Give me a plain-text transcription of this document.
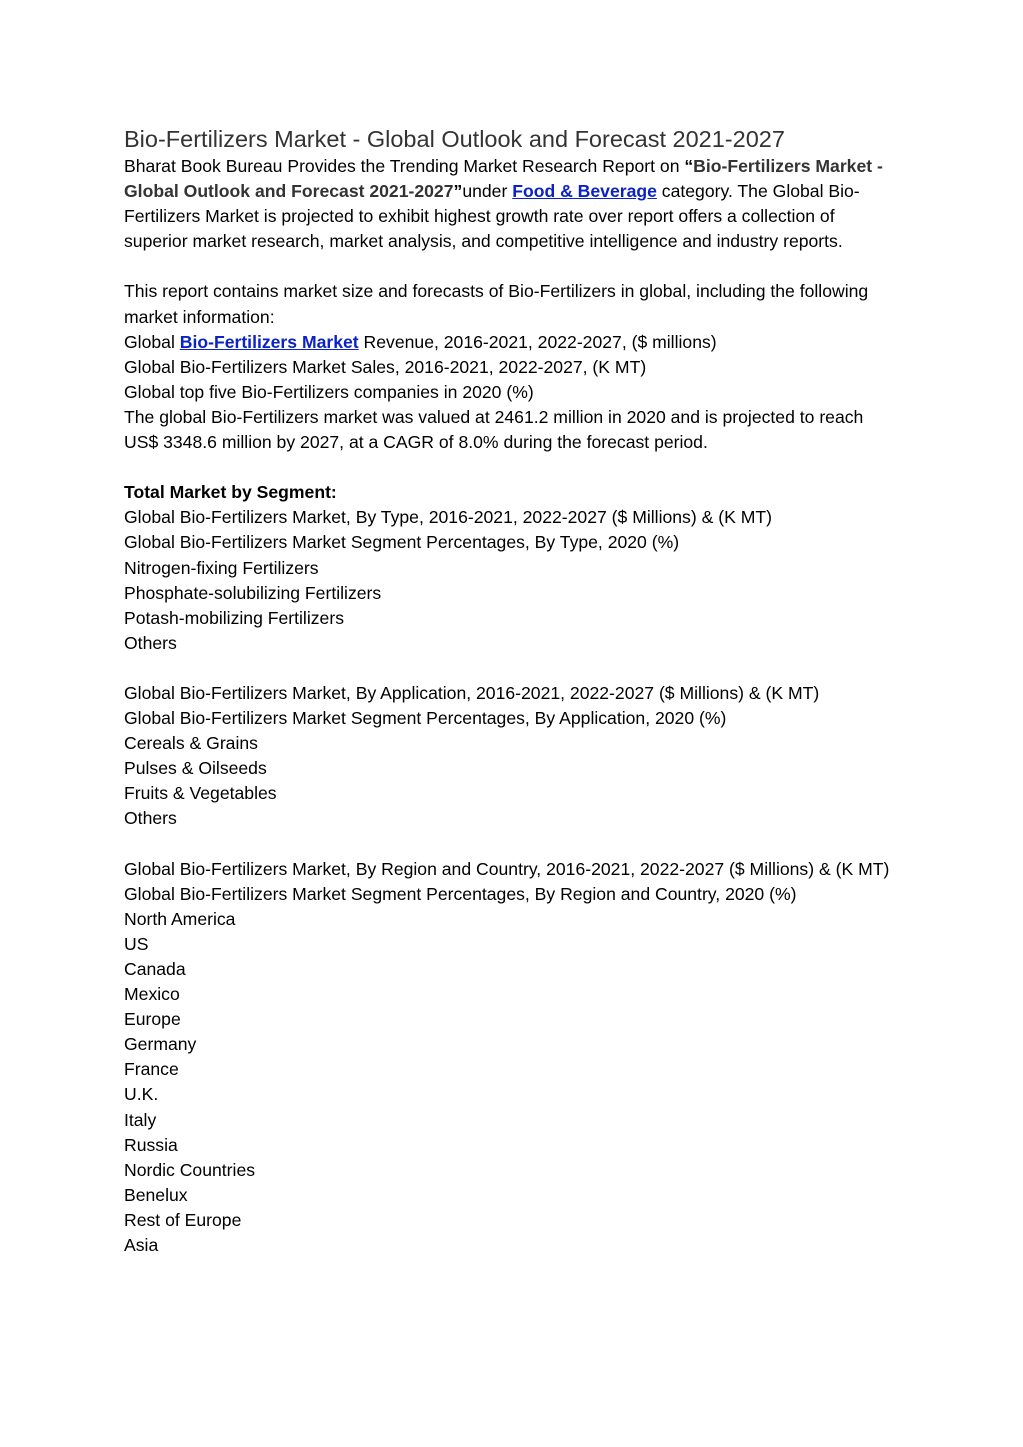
Bio-Fertilizers Market - Global Outlook and Forecast 2021-2027

Bharat Book Bureau Provides the Trending Market Research Report on “Bio-Fertilizers Market - Global Outlook and Forecast 2021-2027”under Food & Beverage category. The Global Bio-Fertilizers Market is projected to exhibit highest growth rate over report offers a collection of superior market research, market analysis, and competitive intelligence and industry reports.

This report contains market size and forecasts of Bio-Fertilizers in global, including the following market information:
Global Bio-Fertilizers Market Revenue, 2016-2021, 2022-2027, ($ millions)
Global Bio-Fertilizers Market Sales, 2016-2021, 2022-2027, (K MT)
Global top five Bio-Fertilizers companies in 2020 (%)
The global Bio-Fertilizers market was valued at 2461.2 million in 2020 and is projected to reach US$ 3348.6 million by 2027, at a CAGR of 8.0% during the forecast period.

Total Market by Segment:
Global Bio-Fertilizers Market, By Type, 2016-2021, 2022-2027 ($ Millions) & (K MT)
Global Bio-Fertilizers Market Segment Percentages, By Type, 2020 (%)
Nitrogen-fixing Fertilizers
Phosphate-solubilizing Fertilizers
Potash-mobilizing Fertilizers
Others

Global Bio-Fertilizers Market, By Application, 2016-2021, 2022-2027 ($ Millions) & (K MT)
Global Bio-Fertilizers Market Segment Percentages, By Application, 2020 (%)
Cereals & Grains
Pulses & Oilseeds
Fruits & Vegetables
Others

Global Bio-Fertilizers Market, By Region and Country, 2016-2021, 2022-2027 ($ Millions) & (K MT)
Global Bio-Fertilizers Market Segment Percentages, By Region and Country, 2020 (%)
North America
US
Canada
Mexico
Europe
Germany
France
U.K.
Italy
Russia
Nordic Countries
Benelux
Rest of Europe
Asia
